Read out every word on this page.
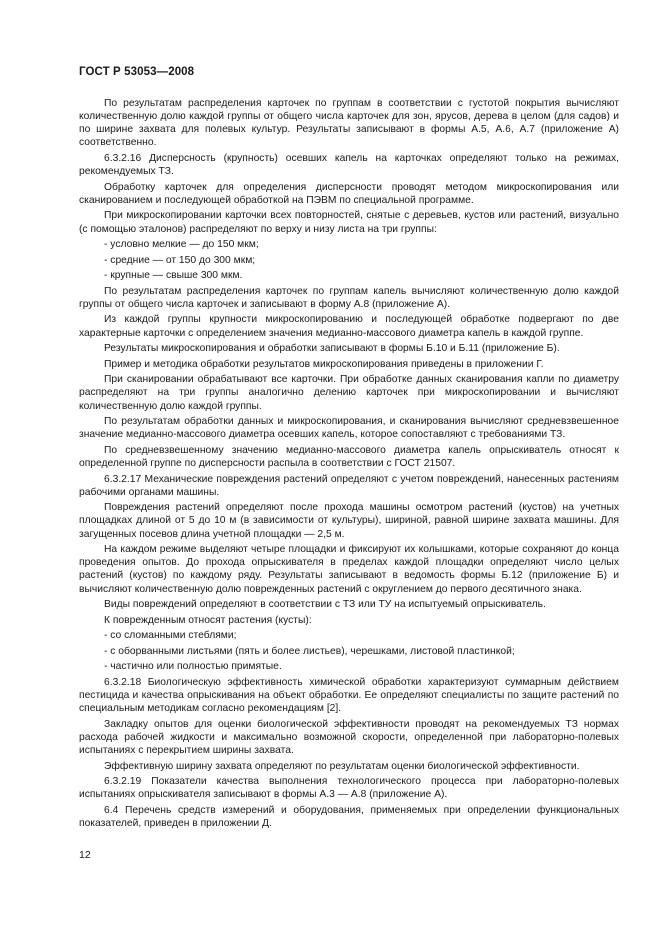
ГОСТ Р 53053—2008

По результатам распределения карточек по группам в соответствии с густотой покрытия вычисляют количественную долю каждой группы от общего числа карточек для зон, ярусов, дерева в целом (для садов) и по ширине захвата для полевых культур. Результаты записывают в формы А.5, А.6, А.7 (приложение А) соответственно.

6.3.2.16 Дисперсность (крупность) осевших капель на карточках определяют только на режимах, рекомендуемых ТЗ.

Обработку карточек для определения дисперсности проводят методом микроскопирования или сканированием и последующей обработкой на ПЭВМ по специальной программе.

При микроскопировании карточки всех повторностей, снятые с деревьев, кустов или растений, визуально (с помощью эталонов) распределяют по верху и низу листа на три группы:

- условно мелкие — до 150 мкм;

- средние — от 150 до 300 мкм;

- крупные — свыше 300 мкм.

По результатам распределения карточек по группам капель вычисляют количественную долю каждой группы от общего числа карточек и записывают в форму А.8 (приложение А).

Из каждой группы крупности микроскопированию и последующей обработке подвергают по две характерные карточки с определением значения медианно-массового диаметра капель в каждой группе.

Результаты микроскопирования и обработки записывают в формы Б.10 и Б.11 (приложение Б).

Пример и методика обработки результатов микроскопирования приведены в приложении Г.

При сканировании обрабатывают все карточки. При обработке данных сканирования капли по диаметру распределяют на три группы аналогично делению карточек при микроскопировании и вычисляют количественную долю каждой группы.

По результатам обработки данных и микроскопирования, и сканирования вычисляют средневзвешенное значение медианно-массового диаметра осевших капель, которое сопоставляют с требованиями ТЗ.

По средневзвешенному значению медианно-массового диаметра капель опрыскиватель относят к определенной группе по дисперсности распыла в соответствии с ГОСТ 21507.

6.3.2.17 Механические повреждения растений определяют с учетом повреждений, нанесенных растениям рабочими органами машины.

Повреждения растений определяют после прохода машины осмотром растений (кустов) на учетных площадках длиной от 5 до 10 м (в зависимости от культуры), шириной, равной ширине захвата машины. Для загущенных посевов длина учетной площадки — 2,5 м.

На каждом режиме выделяют четыре площадки и фиксируют их колышками, которые сохраняют до конца проведения опытов. До прохода опрыскивателя в пределах каждой площадки определяют число целых растений (кустов) по каждому ряду. Результаты записывают в ведомость формы Б.12 (приложение Б) и вычисляют количественную долю поврежденных растений с округлением до первого десятичного знака.

Виды повреждений определяют в соответствии с ТЗ или ТУ на испытуемый опрыскиватель.

К поврежденным относят растения (кусты):

- со сломанными стеблями;

- с оборванными листьями (пять и более листьев), черешками, листовой пластинкой;

- частично или полностью примятые.

6.3.2.18 Биологическую эффективность химической обработки характеризуют суммарным действием пестицида и качества опрыскивания на объект обработки. Ее определяют специалисты по защите растений по специальным методикам согласно рекомендациям [2].

Закладку опытов для оценки биологической эффективности проводят на рекомендуемых ТЗ нормах расхода рабочей жидкости и максимально возможной скорости, определенной при лабораторно-полевых испытаниях с перекрытием ширины захвата.

Эффективную ширину захвата определяют по результатам оценки биологической эффективности.

6.3.2.19 Показатели качества выполнения технологического процесса при лабораторно-полевых испытаниях опрыскивателя записывают в формы А.3 — А.8 (приложение А).

6.4 Перечень средств измерений и оборудования, применяемых при определении функциональных показателей, приведен в приложении Д.

12
